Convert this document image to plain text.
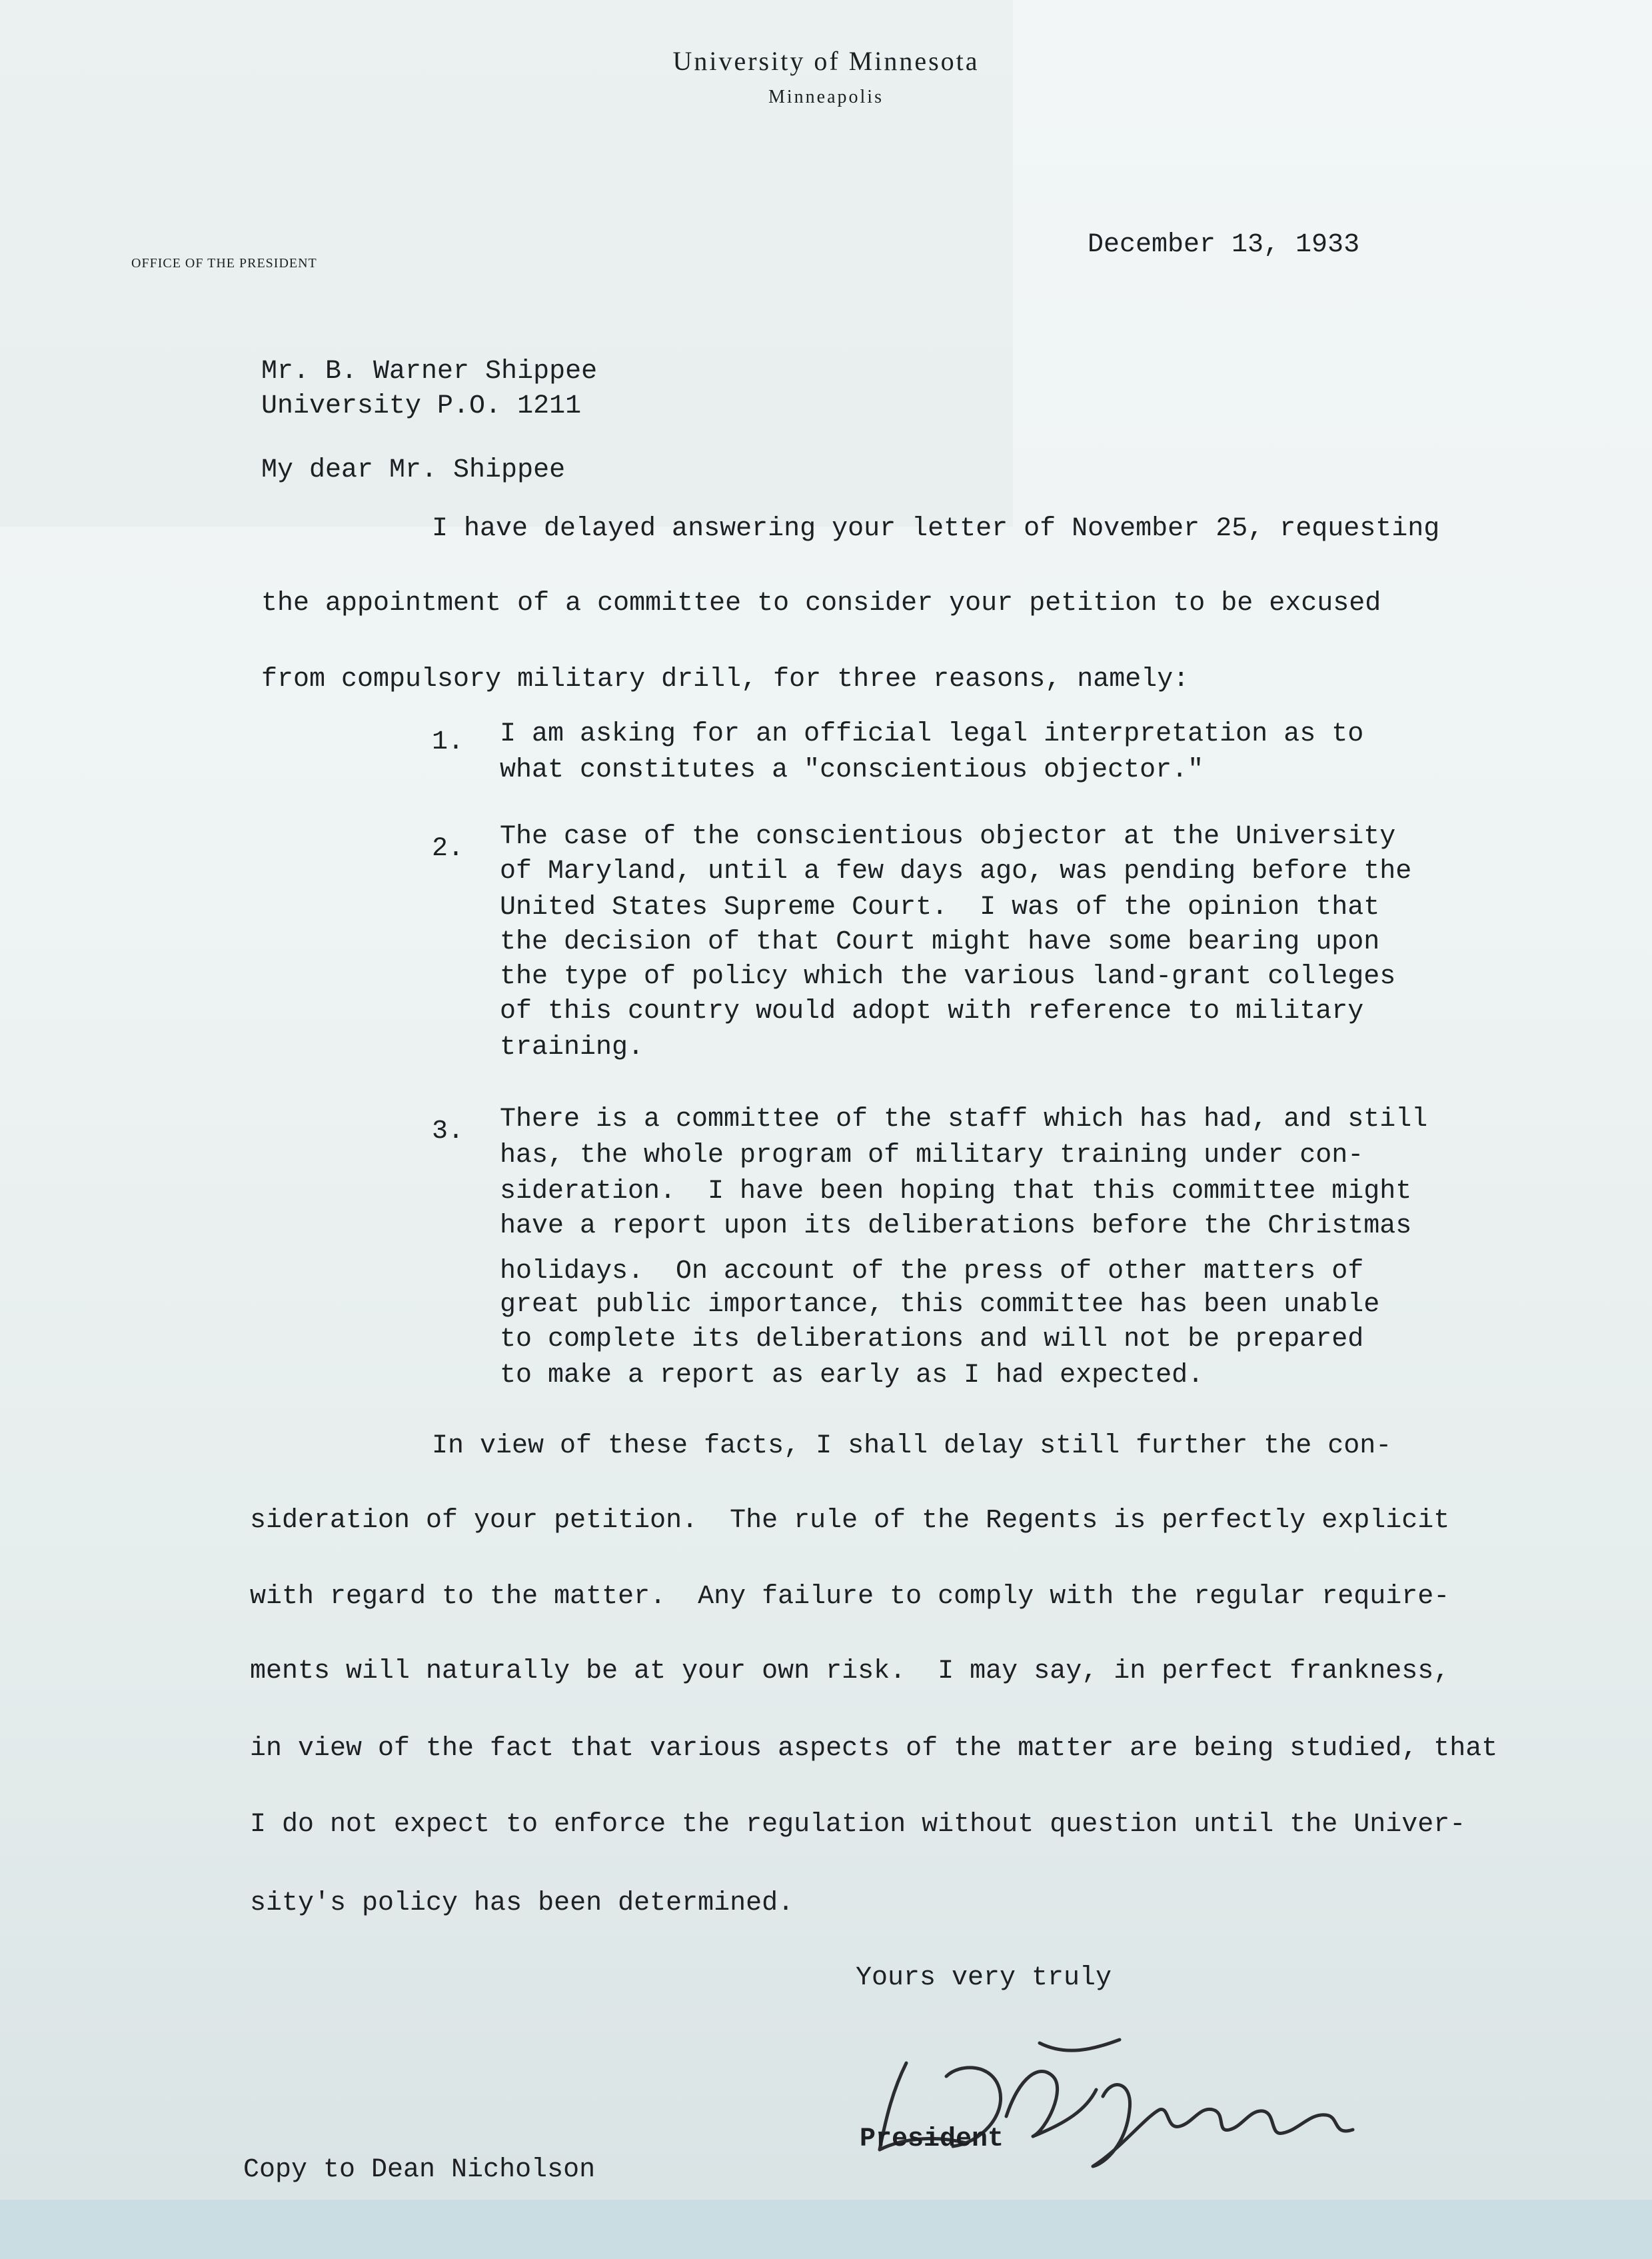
University of Minnesota
Minneapolis
OFFICE OF THE PRESIDENT
December 13, 1933
Mr. B. Warner Shippee
University P.O. 1211
My dear Mr. Shippee
I have delayed answering your letter of November 25, requesting
the appointment of a committee to consider your petition to be excused
from compulsory military drill, for three reasons, namely:
1. I am asking for an official legal interpretation as to
what constitutes a "conscientious objector."
2. The case of the conscientious objector at the University
of Maryland, until a few days ago, was pending before the
United States Supreme Court.  I was of the opinion that
the decision of that Court might have some bearing upon
the type of policy which the various land-grant colleges
of this country would adopt with reference to military
training.
3. There is a committee of the staff which has had, and still
has, the whole program of military training under con-
sideration.  I have been hoping that this committee might
have a report upon its deliberations before the Christmas
holidays.  On account of the press of other matters of
great public importance, this committee has been unable
to complete its deliberations and will not be prepared
to make a report as early as I had expected.
In view of these facts, I shall delay still further the con-
sideration of your petition.  The rule of the Regents is perfectly explicit
with regard to the matter.  Any failure to comply with the regular require-
ments will naturally be at your own risk.  I may say, in perfect frankness,
in view of the fact that various aspects of the matter are being studied, that
I do not expect to enforce the regulation without question until the Univer-
sity's policy has been determined.
Yours very truly
President
Copy to Dean Nicholson
